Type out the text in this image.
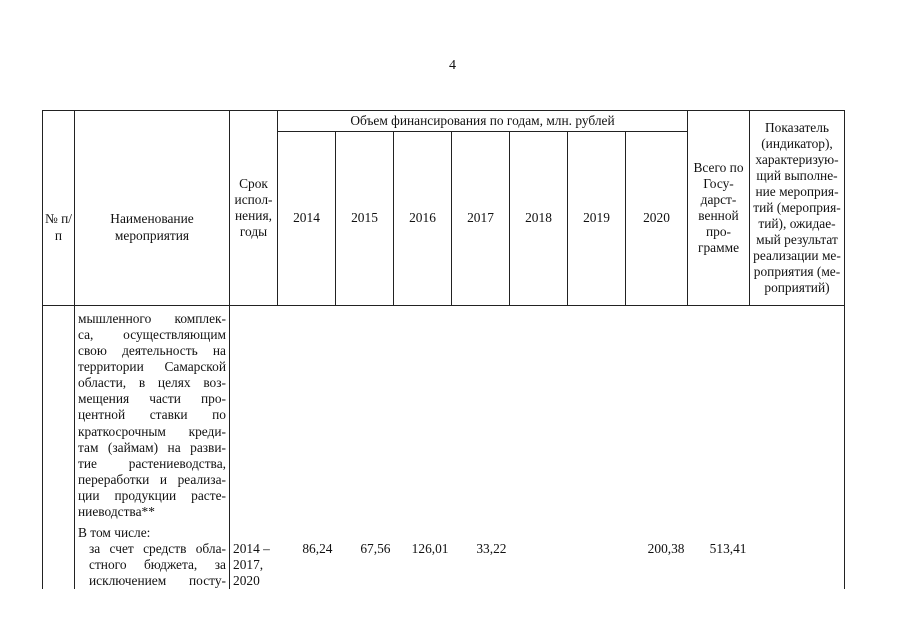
4
№ п/п	Наименование мероприятия	Срок испол-нения, годы	Объем финансирования по годам, млн. рублей							Всего по Госу-дарст-венной про-грамме	Показатель (индикатор), характеризую-щий выполне-ние мероприя-тий (мероприя-тий), ожидае-мый результат реализации ме-роприятия (ме-роприятий)
			2014	2015	2016	2017	2018	2019	2020		

	мышленного комплек-										
	са, осуществляющим										
	свою деятельность на										
	территории Самарской										
	области, в целях воз-										
	мещения части про-										
	центной ставки по										
	краткосрочным креди-										
	там (займам) на разви-										
	тие растениеводства,										
	переработки и реализа-										
	ции продукции расте-										
	ниеводства**										

	В том числе:										
	за счет средств обла-	2014 –	86,24	67,56	126,01	33,22			200,38	513,41	
	стного бюджета, за	2017,									
	исключением посту-	2020									
